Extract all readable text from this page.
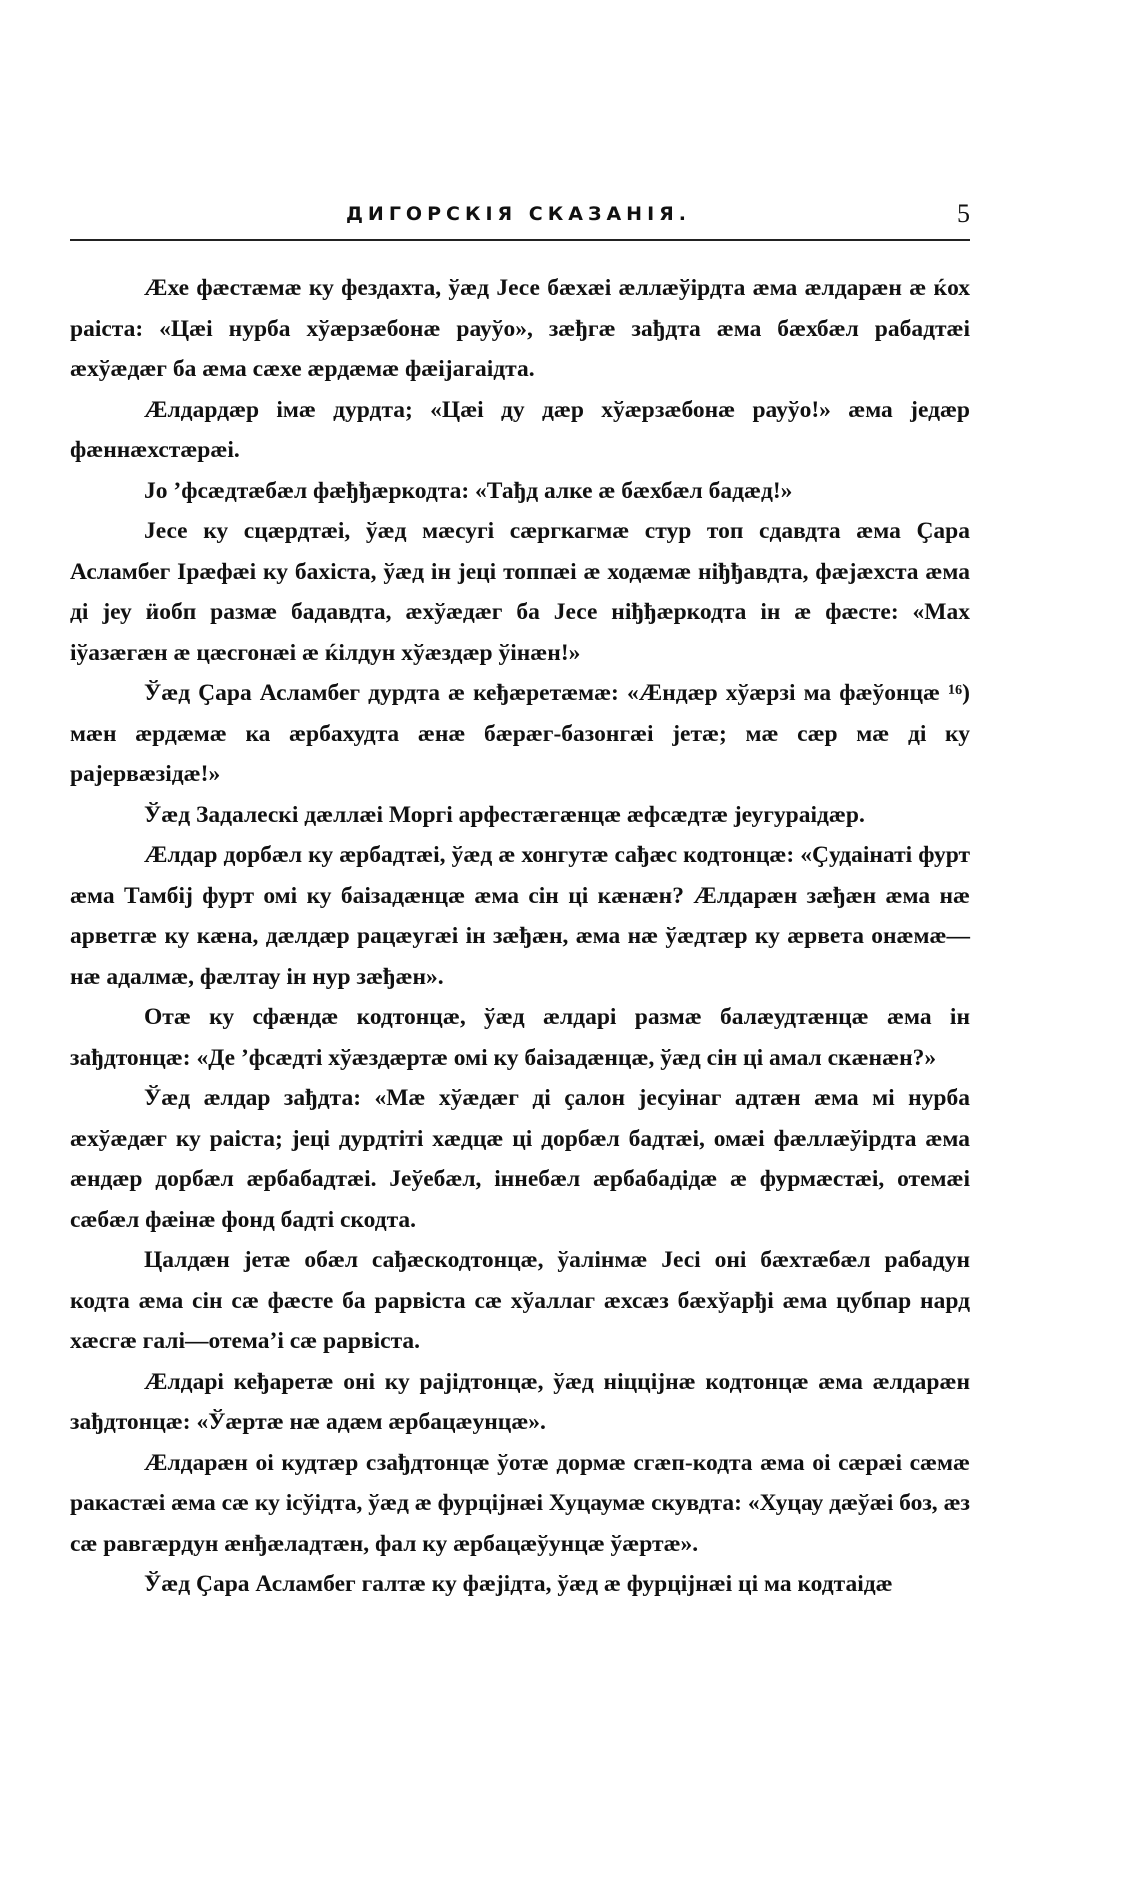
ДИГОРСКІЯ СКАЗАНІЯ.	5

Ӕхе фæстæмæ ку фездахта, ўæд Јесе бæхæі æллæўірдта æма æлдарæн æ ќох раіста: «Цæі нурба хўæрзæбонæ рауўо», зæђгæ зађдта æма бæхбæл рабадтæі æхўæдæг ба æма сæхе æрдæмæ фæіјагаідта.

Ӕлдардæр імæ дурдта; «Цæі ду дæр хўæрзæбонæ рауўо!» æма једæр фæннæхстæрæі.

Јо ’фсæдтæбæл фæђђæркодта: «Тађд алке æ бæхбæл бадæд!»

Јесе ку сцæрдтæі, ўæд мæсугі сæргкагмæ стур топ сдавдта æма Ҫара Асламбег Ірæфæі ку бахіста, ўæд ін јеці топпæі æ ходæмæ ніђђавдта, фæјæхста æма ді јеу ӥобп размæ бадавдта, æхўæдæг ба Јесе ніђђæркодта ін æ фæсте: «Мах іўазæгæн æ цæсгонæі æ ќілдун хўæздæр ўінæн!»

Ўæд Ҫара Асламбег дурдта æ кеђæретæмæ: «Ӕндæр хўæрзі ма фæўонцæ ¹⁶) мæн æрдæмæ ка æрбахудта æнæ бæрæг-базонгæі јетæ; мæ сæр мæ ді ку рајервæзідæ!»

Ўæд Задалескі дæллæі Моргі арфестæгæнцæ æфсæдтæ јеугураідæр.

Ӕлдар дорбæл ку æрбадтæі, ўæд æ хонгутæ сађæс кодтонцæ: «Ҫудаінаті фурт æма Тамбіј фурт омі ку баізадæнцæ æма сін ці кæнæн? Ӕлдарæн зæђæн æма нæ арветгæ ку кæна, дæлдæр рацæугæі ін зæђæн, æма нæ ўæдтæр ку æрвета онæмæ—нæ адалмæ, фæлтау ін нур зæђæн».

Отæ ку сфæндæ кодтонцæ, ўæд æлдарі размæ балæудтæнцæ æма ін зађдтонцæ: «Де ’фсæдті хўæздæртæ омі ку баізадæнцæ, ўæд сін ці амал скæнæн?»

Ўæд æлдар зађдта: «Мæ хўæдæг ді ҫалон јесуінаг адтæн æма мі нурба æхўæдæг ку раіста; јеці дурдтіті хæдцæ ці дорбæл бадтæі, омæі фæллæўірдта æма æндæр дорбæл æрбабадтæі. Јеўебæл, іннебæл æрбабадідæ æ фурмæстæі, отемæі сæбæл фæінæ фонд бадті скодта.

Цалдæн јетæ обæл сађæскодтонцæ, ўалінмæ Јесі оні бæхтæбæл рабадун кодта æма сін сæ фæсте ба рарвіста сæ хўаллаг æхсæз бæхўарђі æма цубпар нард хæсгæ галі—отемаʼі сæ рарвіста.

Ӕлдарі кеђаретæ оні ку рајідтонцæ, ўæд ніцціјнæ кодтонцæ æма æлдарæн зађдтонцæ: «Ўæртæ нæ адæм æрбацæунцæ».

Ӕлдарæн оі кудтæр сзађдтонцæ ўотæ дормæ сгæп-кодта æма оі сæрæі сæмæ ракастæі æма сæ ку ісўідта, ўæд æ фурціјнæі Хуцаумæ скувдта: «Хуцау дæўæі боз, æз сæ равгæрдун æнђæладтæн, фал ку æрбацæўунцæ ўæртæ».

Ўæд Ҫара Асламбег галтæ ку фæјідта, ўæд æ фурціјнæі ці ма кодтаідæ
